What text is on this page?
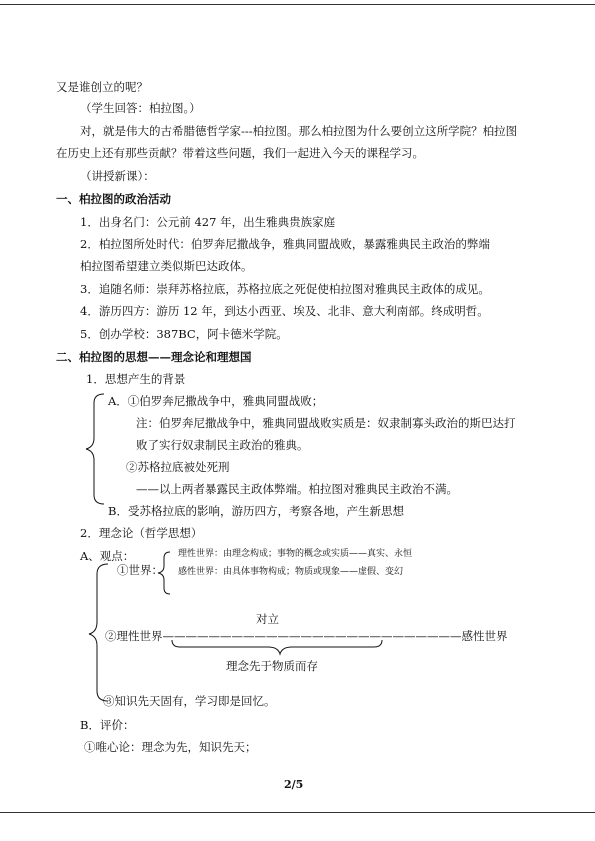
又是谁创立的呢？
（学生回答：柏拉图。）
对，就是伟大的古希腊德哲学家---柏拉图。那么柏拉图为什么要创立这所学院？柏拉图
在历史上还有那些贡献？带着这些问题，我们一起进入今天的课程学习。
（讲授新课）：
一、柏拉图的政治活动
1．出身名门：公元前 427 年，出生雅典贵族家庭
2．柏拉图所处时代：伯罗奔尼撒战争，雅典同盟战败，暴露雅典民主政治的弊端
柏拉图希望建立类似斯巴达政体。
3．追随名师：崇拜苏格拉底，苏格拉底之死促使柏拉图对雅典民主政体的成见。
4．游历四方：游历 12 年，到达小西亚、埃及、北非、意大利南部。终成明哲。
5．创办学校：387BC，阿卡德米学院。
二、柏拉图的思想——理念论和理想国
1．思想产生的背景
A．①伯罗奔尼撒战争中，雅典同盟战败；
注：伯罗奔尼撒战争中，雅典同盟战败实质是：奴隶制寡头政治的斯巴达打
败了实行奴隶制民主政治的雅典。
②苏格拉底被处死刑
——以上两者暴露民主政体弊端。柏拉图对雅典民主政治不满。
B．受苏格拉底的影响，游历四方，考察各地，产生新思想
2．理念论（哲学思想）
A、观点：	理性世界：由理念构成；事物的概念或实质——真实、永恒
①世界： 感性世界：由具体事物构成；物质或现象——虚假、变幻
对立
②理性世界——————————————————————————感性世界
理念先于物质而存
③知识先天固有，学习即是回忆。
B．评价：
①唯心论：理念为先，知识先天；
2/5
